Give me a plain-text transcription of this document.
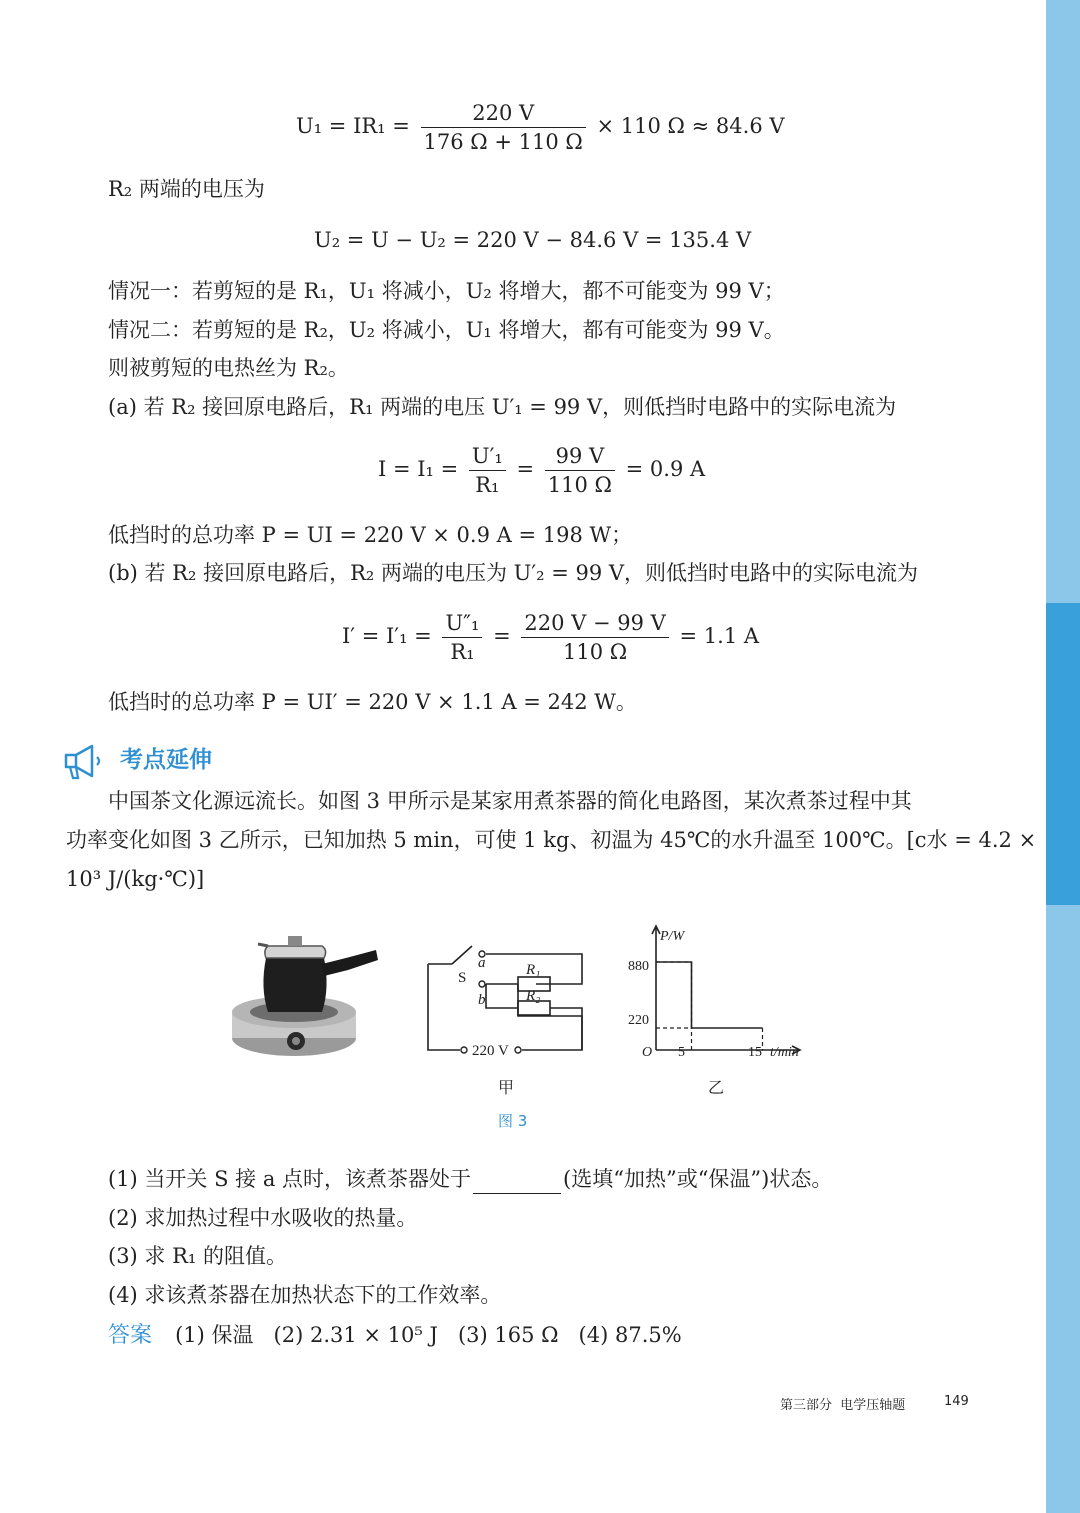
$U_1 = IR_1 = \frac{220 V}{176 \Omega + 110 \Omega} \times 110$ Ω ≈ 84.6 V
R₂ 两端的电压为
U₂ = U − U₂ = 220 V − 84.6 V = 135.4 V
情况一：若剪短的是 R₁，U₁ 将减小，U₂ 将增大，都不可能变为 99 V；
情况二：若剪短的是 R₂，U₂ 将减小，U₁ 将增大，都有可能变为 99 V。
则被剪短的电热丝为 R₂。
(a) 若 R₂ 接回原电路后，R₁ 两端的电压 U′₁ = 99 V，则低挡时电路中的实际电流为
$I = I_1 = \frac{\text{U′₁}}{\text{R₁}} = \frac{99 V}{110 \Omega} = 0.9$ A
低挡时的总功率 P = UI = 220 V × 0.9 A = 198 W；
(b) 若 R₂ 接回原电路后，R₂ 两端的电压为 U′₂ = 99 V，则低挡时电路中的实际电流为
$I' = I'_1 = \frac{\text{U″₁}}{\text{R₁}} = \frac{220 V - 99 V}{110 \Omega} = 1.1$ A
低挡时的总功率 P = UI′ = 220 V × 1.1 A = 242 W。
考点延伸
中国茶文化源远流长。如图 3 甲所示是某家用煮茶器的简化电路图，某次煮茶过程中其
功率变化如图 3 乙所示，已知加热 5 min，可使 1 kg、初温为 45℃的水升温至 100℃。[c水 = 4.2 ×
10³ J/(kg·℃)]
S
a
b
R₁
R₂
220 V
P/W
t/min
O
880
220
5	15
甲	乙
图 3
(1) 当开关 S 接 a 点时，该煮茶器处于	(选填“加热”或“保温”)状态。
(2) 求加热过程中水吸收的热量。
(3) 求 R₁ 的阻值。
(4) 求该煮茶器在加热状态下的工作效率。
答案 (1) 保温   (2) 2.31 × 10⁵ J   (3) 165 Ω   (4) 87.5%
第三部分  电学压轴题	149
